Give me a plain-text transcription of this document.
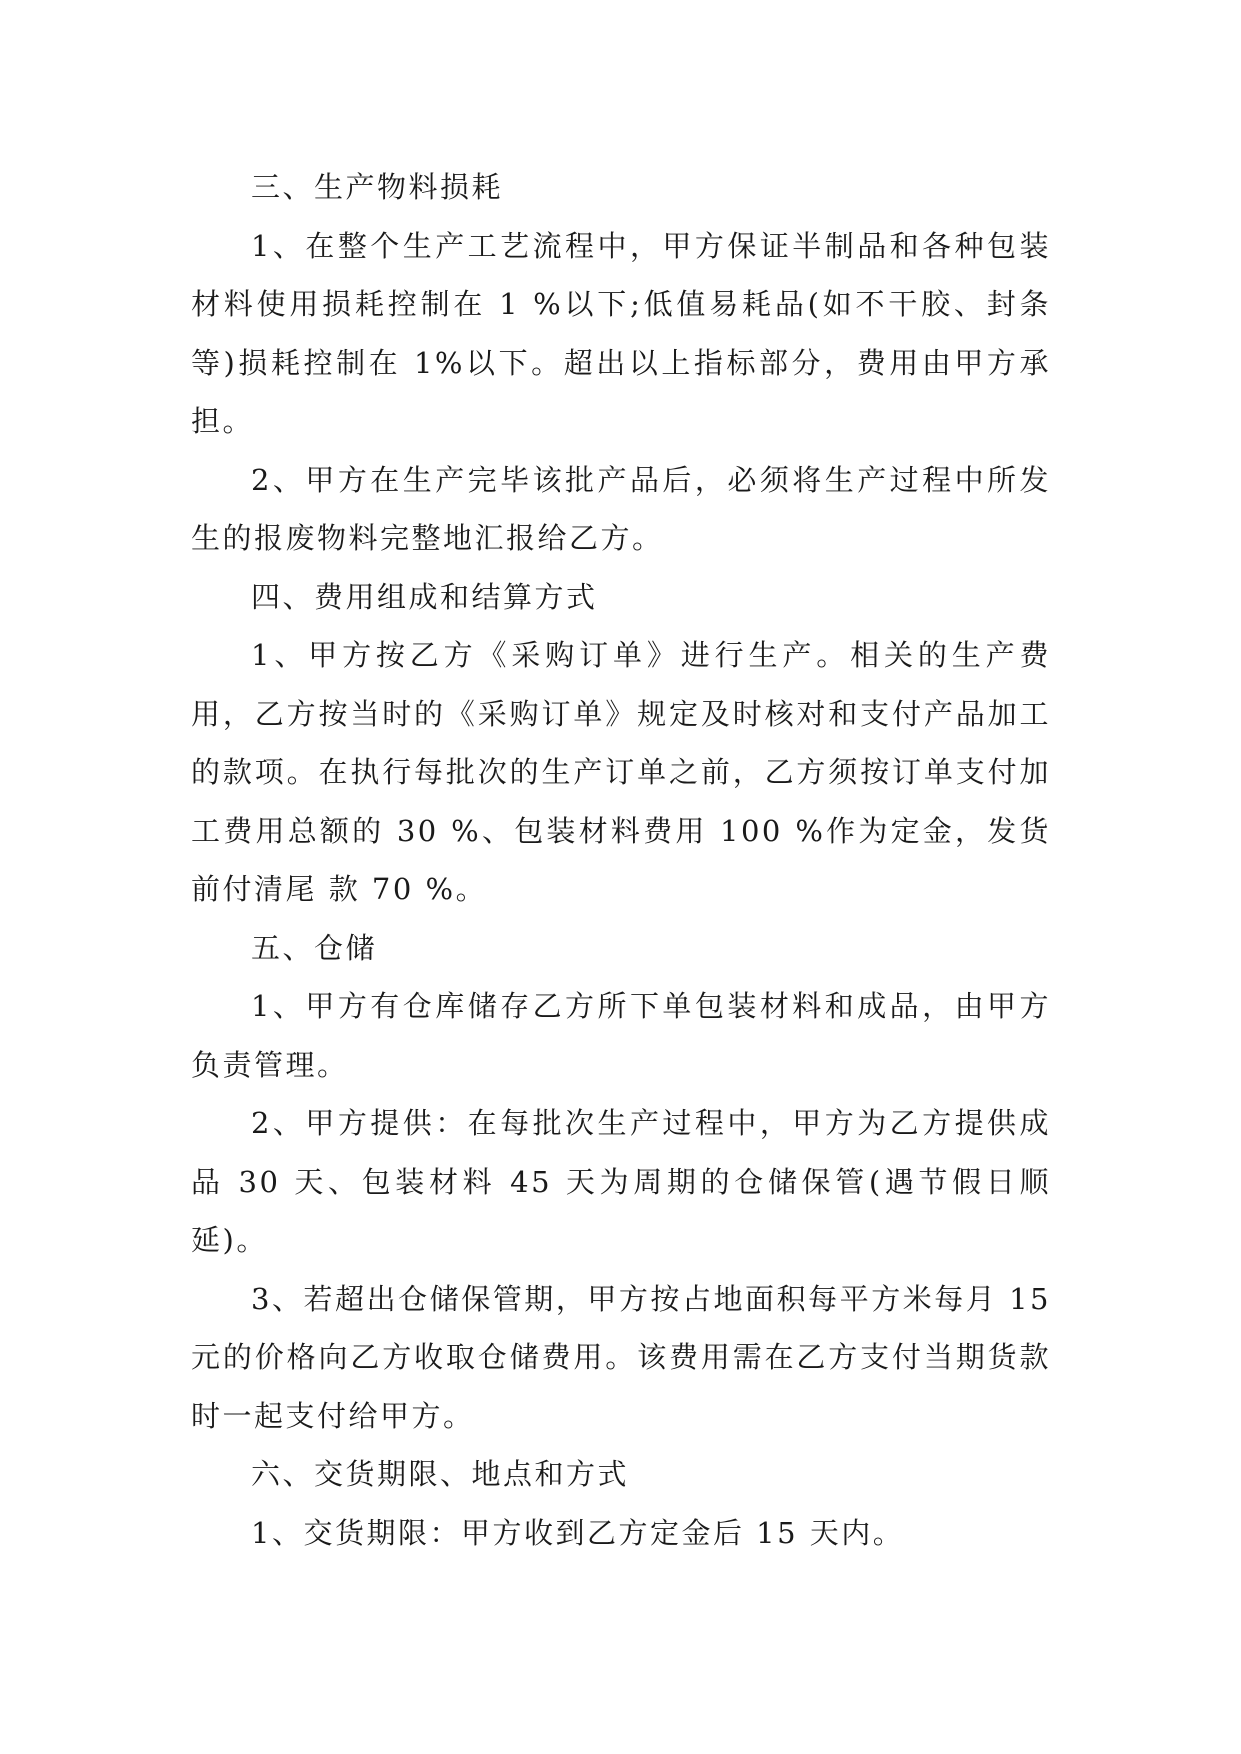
三、生产物料损耗

1、在整个生产工艺流程中，甲方保证半制品和各种包装材料使用损耗控制在 1 %以下;低值易耗品(如不干胶、封条等)损耗控制在 1%以下。超出以上指标部分，费用由甲方承担。

2、甲方在生产完毕该批产品后，必须将生产过程中所发生的报废物料完整地汇报给乙方。

四、费用组成和结算方式

1、甲方按乙方《采购订单》进行生产。相关的生产费用，乙方按当时的《采购订单》规定及时核对和支付产品加工的款项。在执行每批次的生产订单之前，乙方须按订单支付加工费用总额的 30 %、包装材料费用 100 %作为定金，发货前付清尾 款 70 %。

五、仓储

1、甲方有仓库储存乙方所下单包装材料和成品，由甲方负责管理。

2、甲方提供：在每批次生产过程中，甲方为乙方提供成品 30 天、包装材料 45 天为周期的仓储保管(遇节假日顺延)。

3、若超出仓储保管期，甲方按占地面积每平方米每月 15 元的价格向乙方收取仓储费用。该费用需在乙方支付当期货款时一起支付给甲方。

六、交货期限、地点和方式

1、交货期限：甲方收到乙方定金后 15 天内。
